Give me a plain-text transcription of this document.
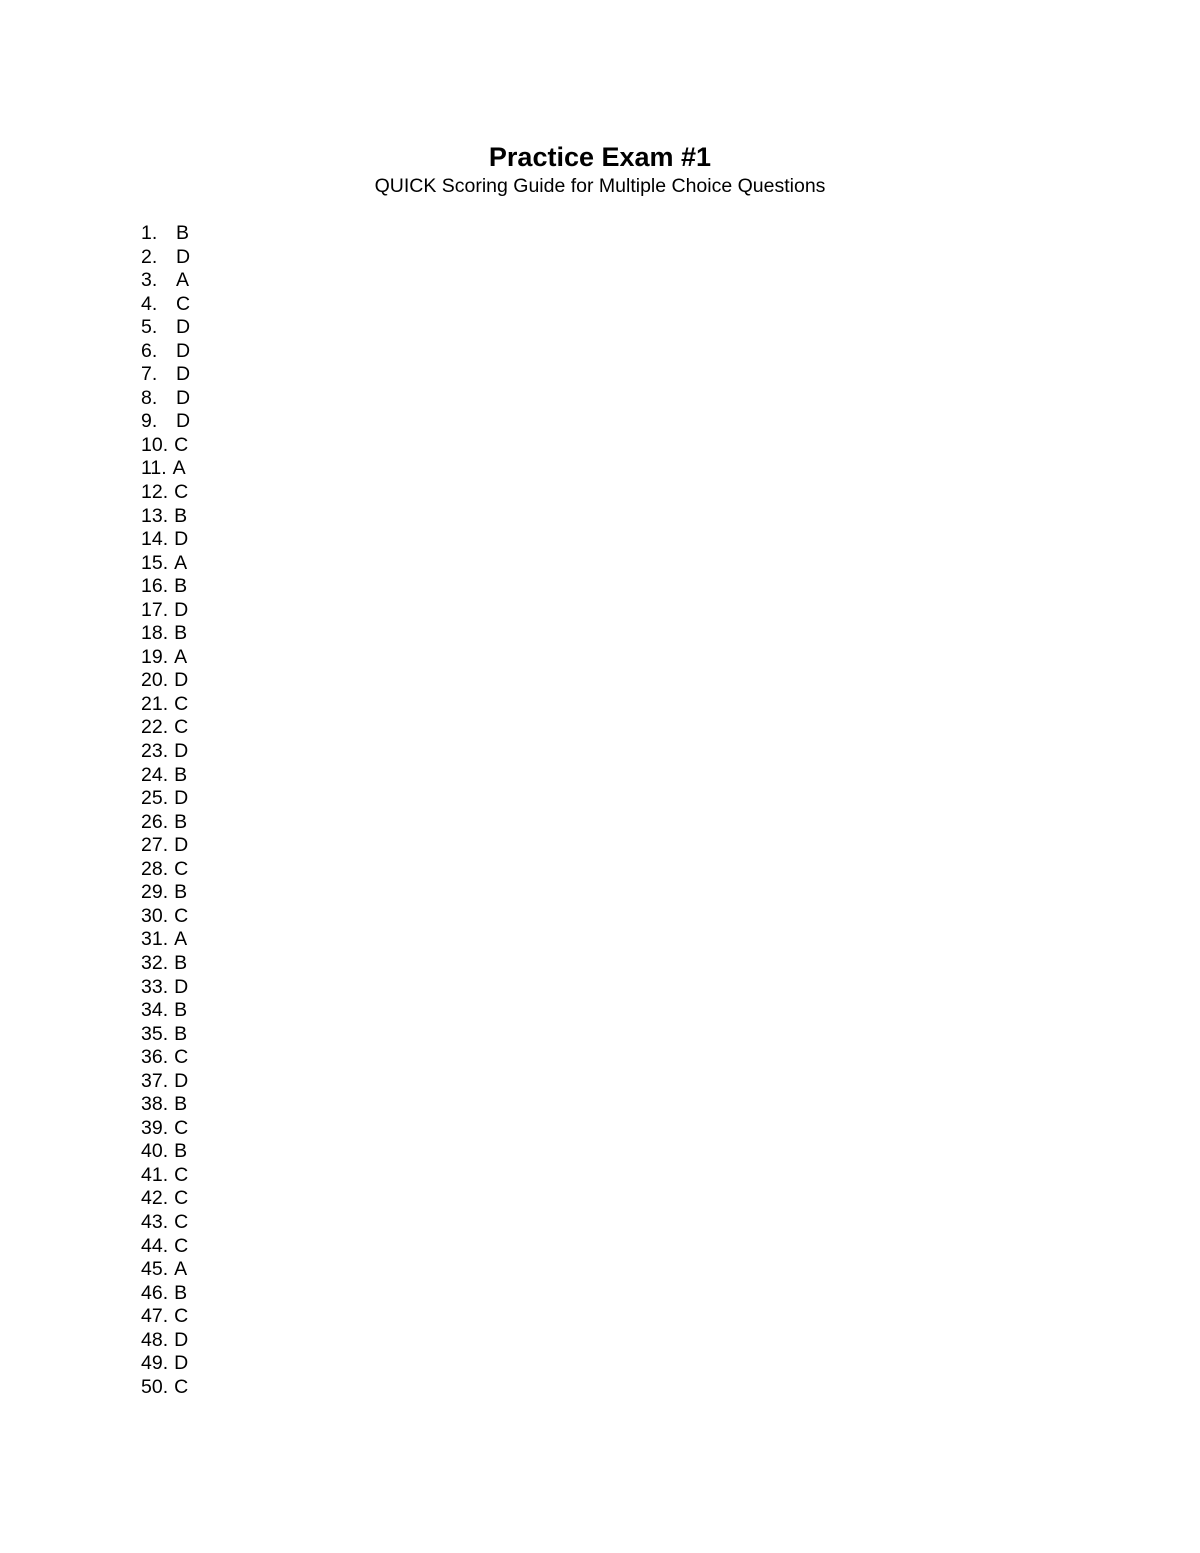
Practice Exam #1

QUICK Scoring Guide for Multiple Choice Questions

1. B
2. D
3. A
4. C
5. D
6. D
7. D
8. D
9. D
10. C
11. A
12. C
13. B
14. D
15. A
16. B
17. D
18. B
19. A
20. D
21. C
22. C
23. D
24. B
25. D
26. B
27. D
28. C
29. B
30. C
31. A
32. B
33. D
34. B
35. B
36. C
37. D
38. B
39. C
40. B
41. C
42. C
43. C
44. C
45. A
46. B
47. C
48. D
49. D
50. C
